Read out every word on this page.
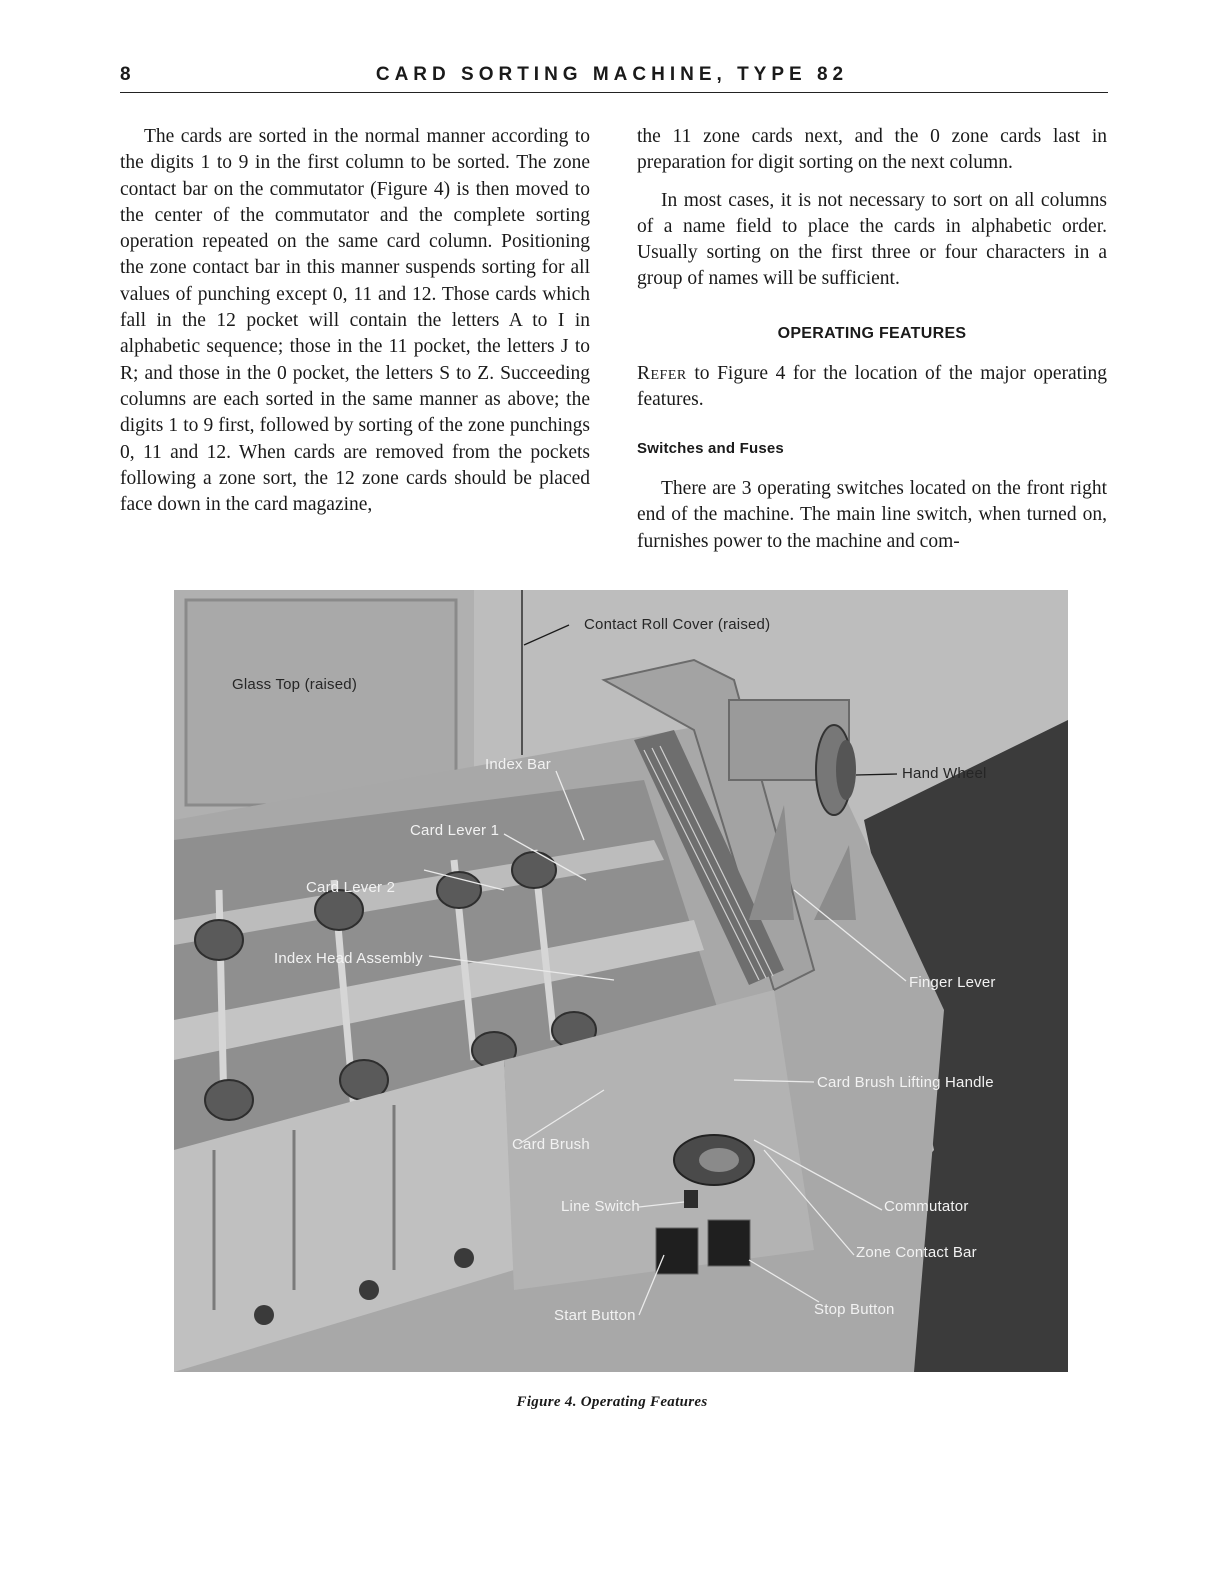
8	CARD SORTING MACHINE, TYPE 82

The cards are sorted in the normal manner according to the digits 1 to 9 in the first column to be sorted. The zone contact bar on the commutator (Figure 4) is then moved to the center of the commutator and the complete sorting operation repeated on the same card column. Positioning the zone contact bar in this manner suspends sorting for all values of punching except 0, 11 and 12. Those cards which fall in the 12 pocket will contain the letters A to I in alphabetic sequence; those in the 11 pocket, the letters J to R; and those in the 0 pocket, the letters S to Z. Succeeding columns are each sorted in the same manner as above; the digits 1 to 9 first, followed by sorting of the zone punchings 0, 11 and 12. When cards are removed from the pockets following a zone sort, the 12 zone cards should be placed face down in the card magazine,

the 11 zone cards next, and the 0 zone cards last in preparation for digit sorting on the next column.

In most cases, it is not necessary to sort on all columns of a name field to place the cards in alphabetic order. Usually sorting on the first three or four characters in a group of names will be sufficient.

OPERATING FEATURES

Refer to Figure 4 for the location of the major operating features.

Switches and Fuses

There are 3 operating switches located on the front right end of the machine. The main line switch, when turned on, furnishes power to the machine and com-

Contact Roll Cover (raised)
Glass Top (raised)
Index Bar
Hand Wheel
Card Lever 1
Card Lever 2
Index Head Assembly
Finger Lever
Card Brush Lifting Handle
Card Brush
Commutator
Line Switch
Zone Contact Bar
Stop Button
Start Button
Figure 4. Operating Features
